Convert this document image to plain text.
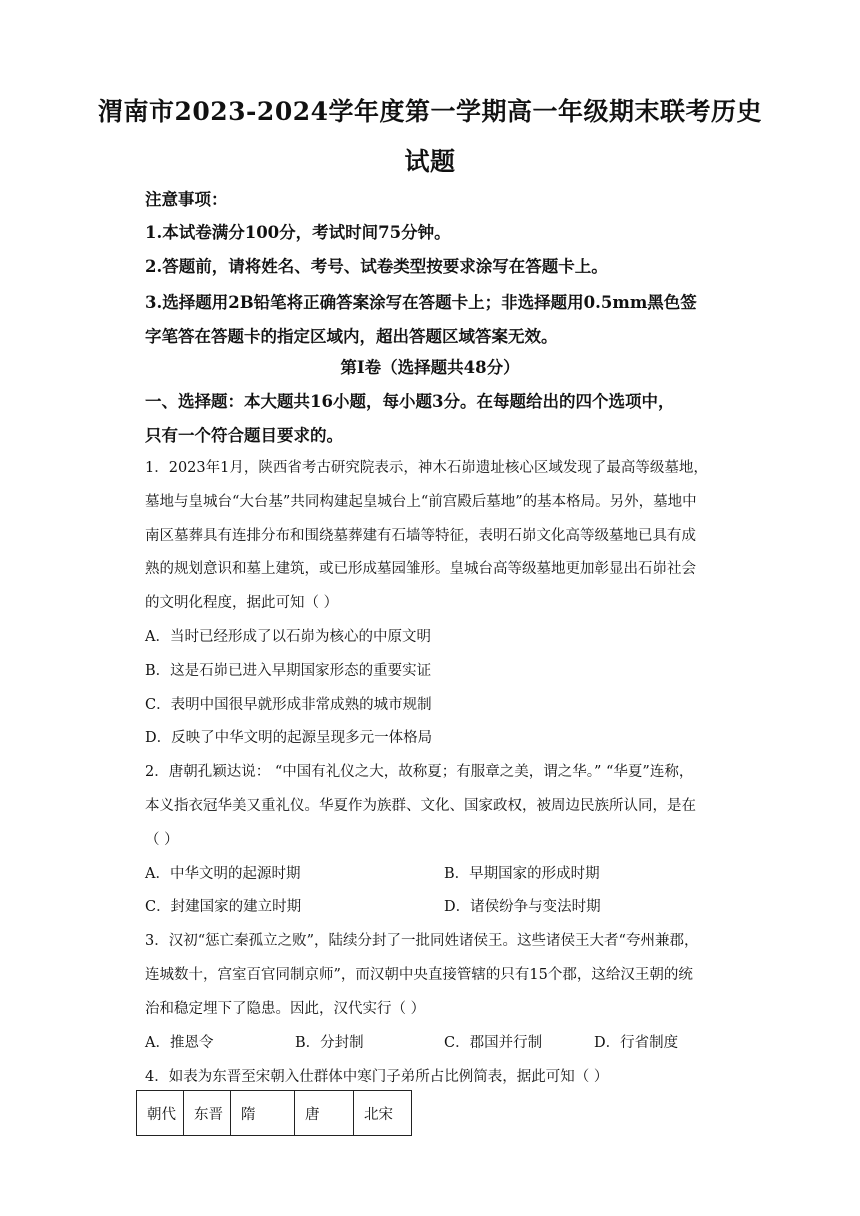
渭南市2023-2024学年度第一学期高一年级期末联考历史
试题
注意事项：
1.本试卷满分100分，考试时间75分钟。
2.答题前，请将姓名、考号、试卷类型按要求涂写在答题卡上。
3.选择题用2B铅笔将正确答案涂写在答题卡上；非选择题用0.5mm黑色签
字笔答在答题卡的指定区域内，超出答题区域答案无效。
第Ⅰ卷（选择题共48分）
一、选择题：本大题共16小题，每小题3分。在每题给出的四个选项中，
只有一个符合题目要求的。
1．2023年1月，陕西省考古研究院表示，神木石峁遗址核心区域发现了最高等级墓地，
墓地与皇城台“大台基”共同构建起皇城台上“前宫殿后墓地”的基本格局。另外，墓地中
南区墓葬具有连排分布和围绕墓葬建有石墙等特征，表明石峁文化高等级墓地已具有成
熟的规划意识和墓上建筑，或已形成墓园雏形。皇城台高等级墓地更加彰显出石峁社会
的文明化程度，据此可知（ ）
A．当时已经形成了以石峁为核心的中原文明
B．这是石峁已进入早期国家形态的重要实证
C．表明中国很早就形成非常成熟的城市规制
D．反映了中华文明的起源呈现多元一体格局
2．唐朝孔颖达说： “中国有礼仪之大，故称夏；有服章之美，谓之华。” “华夏”连称，
本义指衣冠华美又重礼仪。华夏作为族群、文化、国家政权，被周边民族所认同，是在
（ ）
A．中华文明的起源时期	B．早期国家的形成时期
C．封建国家的建立时期	D．诸侯纷争与变法时期
3．汉初“惩亡秦孤立之败”，陆续分封了一批同姓诸侯王。这些诸侯王大者“夸州兼郡，
连城数十，宫室百官同制京师”，而汉朝中央直接管辖的只有15个郡，这给汉王朝的统
治和稳定埋下了隐患。因此，汉代实行（ ）
A．推恩令	B．分封制	C．郡国并行制	D．行省制度
4．如表为东晋至宋朝入仕群体中寒门子弟所占比例简表，据此可知（ ）
朝代	东晋	隋	唐	北宋
